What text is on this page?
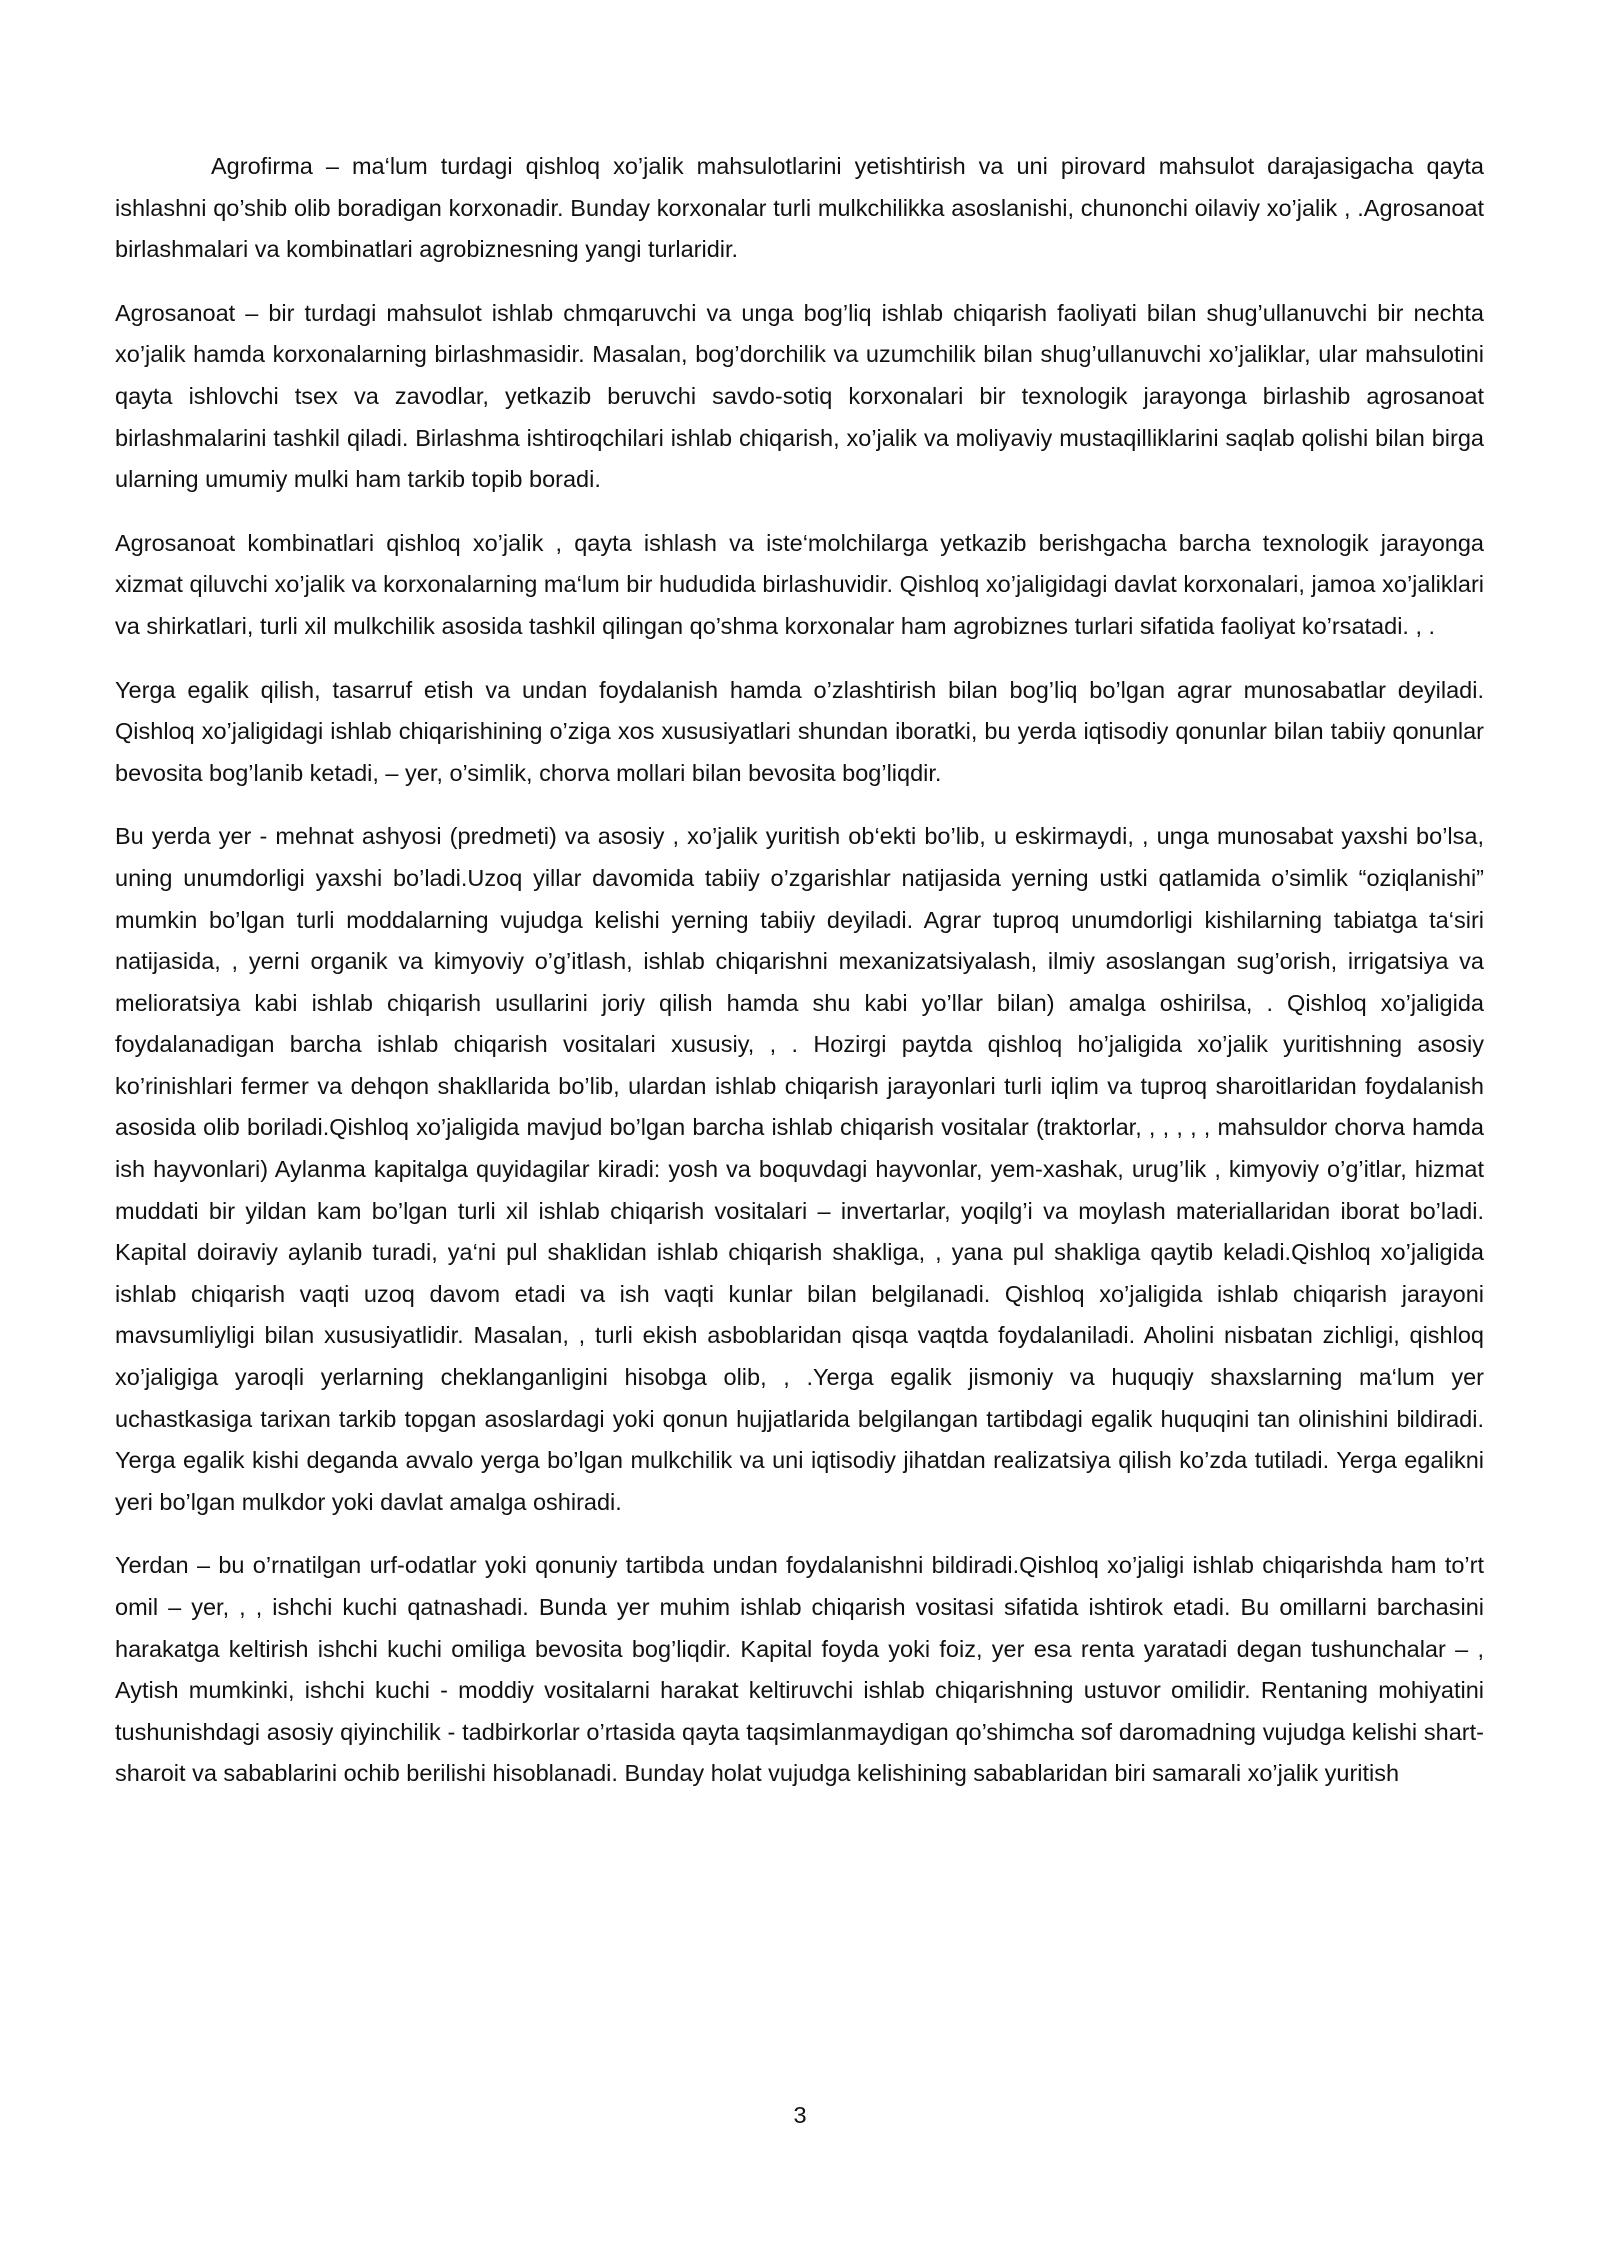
Agrofirma – ma‘lum turdagi qishloq xo’jalik mahsulotlarini yetishtirish va uni pirovard mahsulot darajasigacha qayta ishlashni qo’shib olib boradigan korxonadir. Bunday korxonalar turli mulkchilikka asoslanishi, chunonchi oilaviy xo’jalik , .Agrosanoat birlashmalari va kombinatlari agrobiznesning yangi turlaridir.

Agrosanoat – bir turdagi mahsulot ishlab chmqaruvchi va unga bog’liq ishlab chiqarish faoliyati bilan shug’ullanuvchi bir nechta xo’jalik hamda korxonalarning birlashmasidir. Masalan, bog’dorchilik va uzumchilik bilan shug’ullanuvchi xo’jaliklar, ular mahsulotini qayta ishlovchi tsex va zavodlar, yetkazib beruvchi savdo-sotiq korxonalari bir texnologik jarayonga birlashib agrosanoat birlashmalarini tashkil qiladi. Birlashma ishtiroqchilari ishlab chiqarish, xo’jalik va moliyaviy mustaqilliklarini saqlab qolishi bilan birga ularning umumiy mulki ham tarkib topib boradi.

Agrosanoat kombinatlari qishloq xo’jalik , qayta ishlash va iste‘molchilarga yetkazib berishgacha barcha texnologik jarayonga xizmat qiluvchi xo’jalik va korxonalarning ma‘lum bir hududida birlashuvidir. Qishloq xo’jaligidagi davlat korxonalari, jamoa xo’jaliklari va shirkatlari, turli xil mulkchilik asosida tashkil qilingan qo’shma korxonalar ham agrobiznes turlari sifatida faoliyat ko’rsatadi. , .

Yerga egalik qilish, tasarruf etish va undan foydalanish hamda o’zlashtirish bilan bog’liq bo’lgan agrar munosabatlar deyiladi. Qishloq xo’jaligidagi ishlab chiqarishining o’ziga xos xususiyatlari shundan iboratki, bu yerda iqtisodiy qonunlar bilan tabiiy qonunlar bevosita bog’lanib ketadi, – yer, o’simlik, chorva mollari bilan bevosita bog’liqdir.

Bu yerda yer - mehnat ashyosi (predmeti) va asosiy , xo’jalik yuritish ob‘ekti bo’lib, u eskirmaydi, , unga munosabat yaxshi bo’lsa, uning unumdorligi yaxshi bo’ladi.Uzoq yillar davomida tabiiy o’zgarishlar natijasida yerning ustki qatlamida o’simlik “oziqlanishi” mumkin bo’lgan turli moddalarning vujudga kelishi yerning tabiiy deyiladi. Agrar tuproq unumdorligi kishilarning tabiatga ta‘siri natijasida, , yerni organik va kimyoviy o’g’itlash, ishlab chiqarishni mexanizatsiyalash, ilmiy asoslangan sug’orish, irrigatsiya va melioratsiya kabi ishlab chiqarish usullarini joriy qilish hamda shu kabi yo’llar bilan) amalga oshirilsa, . Qishloq xo’jaligida foydalanadigan barcha ishlab chiqarish vositalari xususiy, , . Hozirgi paytda qishloq ho’jaligida xo’jalik yuritishning asosiy ko’rinishlari fermer va dehqon shakllarida bo’lib, ulardan ishlab chiqarish jarayonlari turli iqlim va tuproq sharoitlaridan foydalanish asosida olib boriladi.Qishloq xo’jaligida mavjud bo’lgan barcha ishlab chiqarish vositalar (traktorlar, , , , , , mahsuldor chorva hamda ish hayvonlari) Aylanma kapitalga quyidagilar kiradi: yosh va boquvdagi hayvonlar, yem-xashak, urug’lik , kimyoviy o’g’itlar, hizmat muddati bir yildan kam bo’lgan turli xil ishlab chiqarish vositalari – invertarlar, yoqilg’i va moylash materiallaridan iborat bo’ladi. Kapital doiraviy aylanib turadi, ya‘ni pul shaklidan ishlab chiqarish shakliga, , yana pul shakliga qaytib keladi.Qishloq xo’jaligida ishlab chiqarish vaqti uzoq davom etadi va ish vaqti kunlar bilan belgilanadi. Qishloq xo’jaligida ishlab chiqarish jarayoni mavsumliyligi bilan xususiyatlidir. Masalan, , turli ekish asboblaridan qisqa vaqtda foydalaniladi. Aholini nisbatan zichligi, qishloq xo’jaligiga yaroqli yerlarning cheklanganligini hisobga olib, , .Yerga egalik jismoniy va huquqiy shaxslarning ma‘lum yer uchastkasiga tarixan tarkib topgan asoslardagi yoki qonun hujjatlarida belgilangan tartibdagi egalik huquqini tan olinishini bildiradi. Yerga egalik kishi deganda avvalo yerga bo’lgan mulkchilik va uni iqtisodiy jihatdan realizatsiya qilish ko’zda tutiladi. Yerga egalikni yeri bo’lgan mulkdor yoki davlat amalga oshiradi.

Yerdan – bu o’rnatilgan urf-odatlar yoki qonuniy tartibda undan foydalanishni bildiradi.Qishloq xo’jaligi ishlab chiqarishda ham to’rt omil – yer, , , ishchi kuchi qatnashadi. Bunda yer muhim ishlab chiqarish vositasi sifatida ishtirok etadi. Bu omillarni barchasini harakatga keltirish ishchi kuchi omiliga bevosita bog’liqdir. Kapital foyda yoki foiz, yer esa renta yaratadi degan tushunchalar – , Aytish mumkinki, ishchi kuchi - moddiy vositalarni harakat keltiruvchi ishlab chiqarishning ustuvor omilidir. Rentaning mohiyatini tushunishdagi asosiy qiyinchilik - tadbirkorlar o’rtasida qayta taqsimlanmaydigan qo’shimcha sof daromadning vujudga kelishi shart-sharoit va sabablarini ochib berilishi hisoblanadi. Bunday holat vujudga kelishining sabablaridan biri samarali xo’jalik yuritish

3
